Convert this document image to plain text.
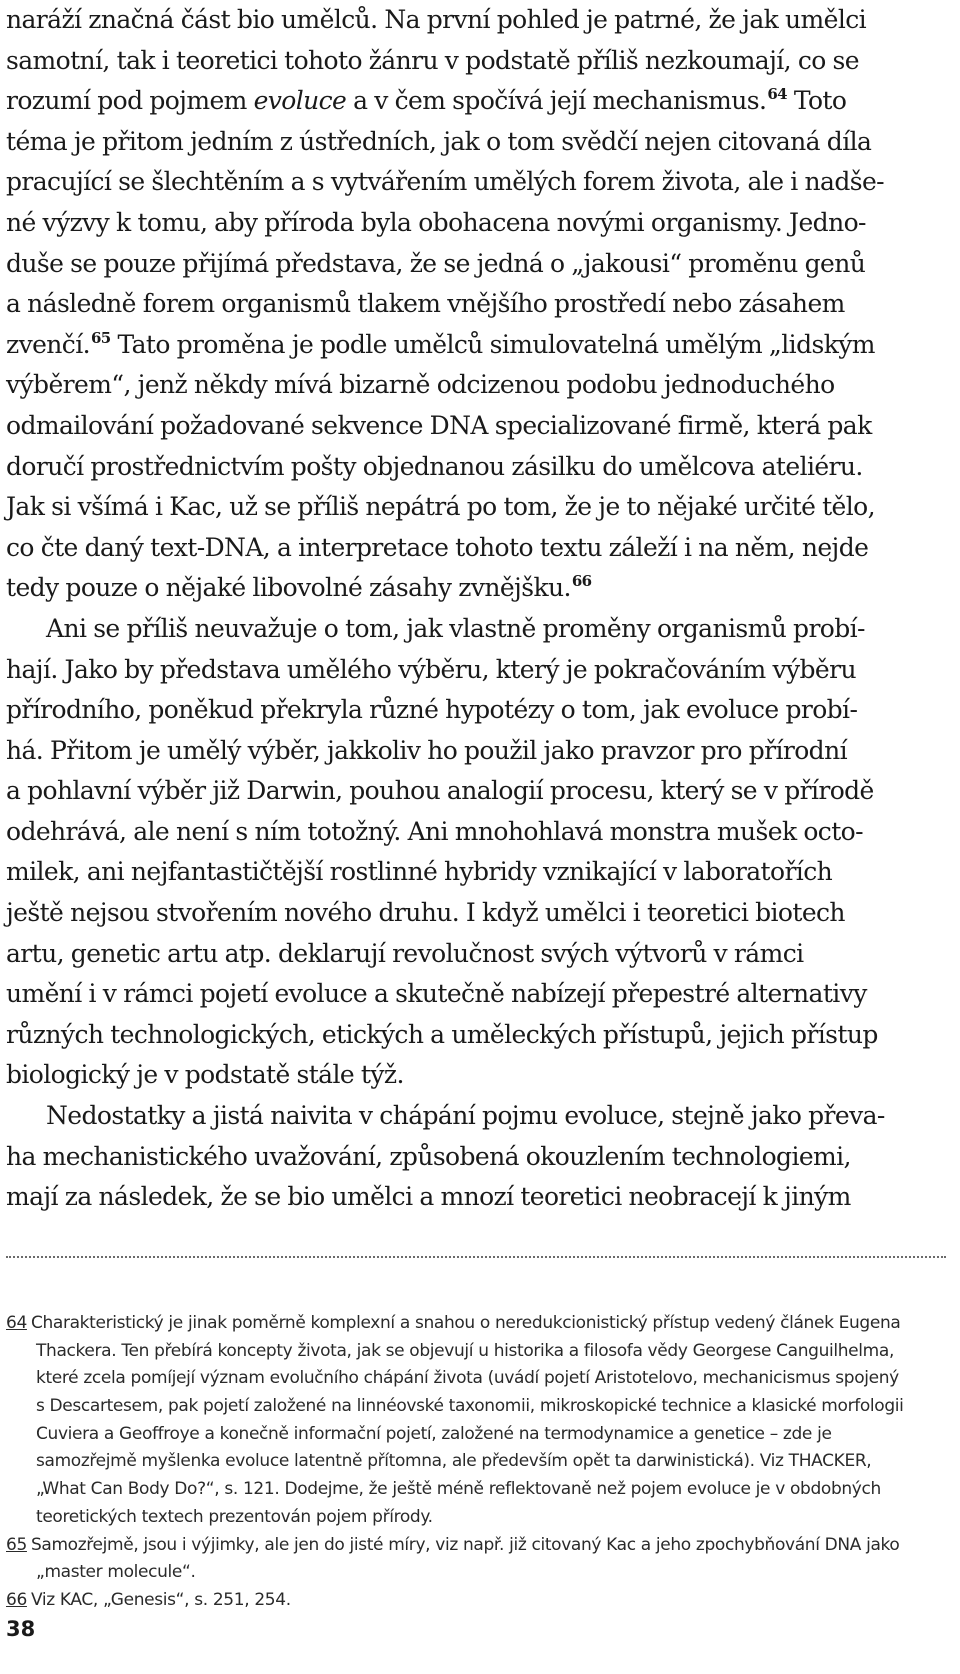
naráží značná část bio umělců. Na první pohled je patrné, že jak umělci
samotní, tak i teoretici tohoto žánru v podstatě příliš nezkoumají, co se
rozumí pod pojmem evoluce a v čem spočívá její mechanismus.$^{64}$ Toto
téma je přitom jedním z ústředních, jak o tom svědčí nejen citovaná díla
pracující se šlechtěním a s vytvářením umělých forem života, ale i nadše-
né výzvy k tomu, aby příroda byla obohacena novými organismy. Jedno-
duše se pouze přijímá představa, že se jedná o „jakousi“ proměnu genů
a následně forem organismů tlakem vnějšího prostředí nebo zásahem
zvenčí.$^{65}$ Tato proměna je podle umělců simulovatelná umělým „lidským
výběrem“, jenž někdy mívá bizarně odcizenou podobu jednoduchého
odmailování požadované sekvence DNA specializované firmě, která pak
doručí prostřednictvím pošty objednanou zásilku do umělcova ateliéru.
Jak si všímá i Kac, už se příliš nepátrá po tom, že je to nějaké určité tělo,
co čte daný text-DNA, a interpretace tohoto textu záleží i na něm, nejde
tedy pouze o nějaké libovolné zásahy zvnějšku.$^{66}$
Ani se příliš neuvažuje o tom, jak vlastně proměny organismů probí-
hají. Jako by představa umělého výběru, který je pokračováním výběru
přírodního, poněkud překryla různé hypotézy o tom, jak evoluce probí-
há. Přitom je umělý výběr, jakkoliv ho použil jako pravzor pro přírodní
a pohlavní výběr již Darwin, pouhou analogií procesu, který se v přírodě
odehrává, ale není s ním totožný. Ani mnohohlavá monstra mušek octo-
milek, ani nejfantastičtější rostlinné hybridy vznikající v laboratořích
ještě nejsou stvořením nového druhu. I když umělci i teoretici biotech
artu, genetic artu atp. deklarují revolučnost svých výtvorů v rámci
umění i v rámci pojetí evoluce a skutečně nabízejí přepestré alternativy
různých technologických, etických a uměleckých přístupů, jejich přístup
biologický je v podstatě stále týž.
Nedostatky a jistá naivita v chápání pojmu evoluce, stejně jako převa-
ha mechanistického uvažování, způsobená okouzlením technologiemi,
mají za následek, že se bio umělci a mnozí teoretici neobracejí k jiným
64 Charakteristický je jinak poměrně komplexní a snahou o neredukcionistický přístup vedený článek Eugena
Thackera. Ten přebírá koncepty života, jak se objevují u historika a filosofa vědy Georgese Canguilhelma,
které zcela pomíjejí význam evolučního chápání života (uvádí pojetí Aristotelovo, mechanicismus spojený
s Descartesem, pak pojetí založené na linnéovské taxonomii, mikroskopické technice a klasické morfologii
Cuviera a Geoffroye a konečně informační pojetí, založené na termodynamice a genetice – zde je
samozřejmě myšlenka evoluce latentně přítomna, ale především opět ta darwinistická). Viz THACKER,
„What Can Body Do?“, s. 121. Dodejme, že ještě méně reflektovaně než pojem evoluce je v obdobných
teoretických textech prezentován pojem přírody.
65 Samozřejmě, jsou i výjimky, ale jen do jisté míry, viz např. již citovaný Kac a jeho zpochybňování DNA jako
„master molecule“.
66 Viz KAC, „Genesis“, s. 251, 254.
38
